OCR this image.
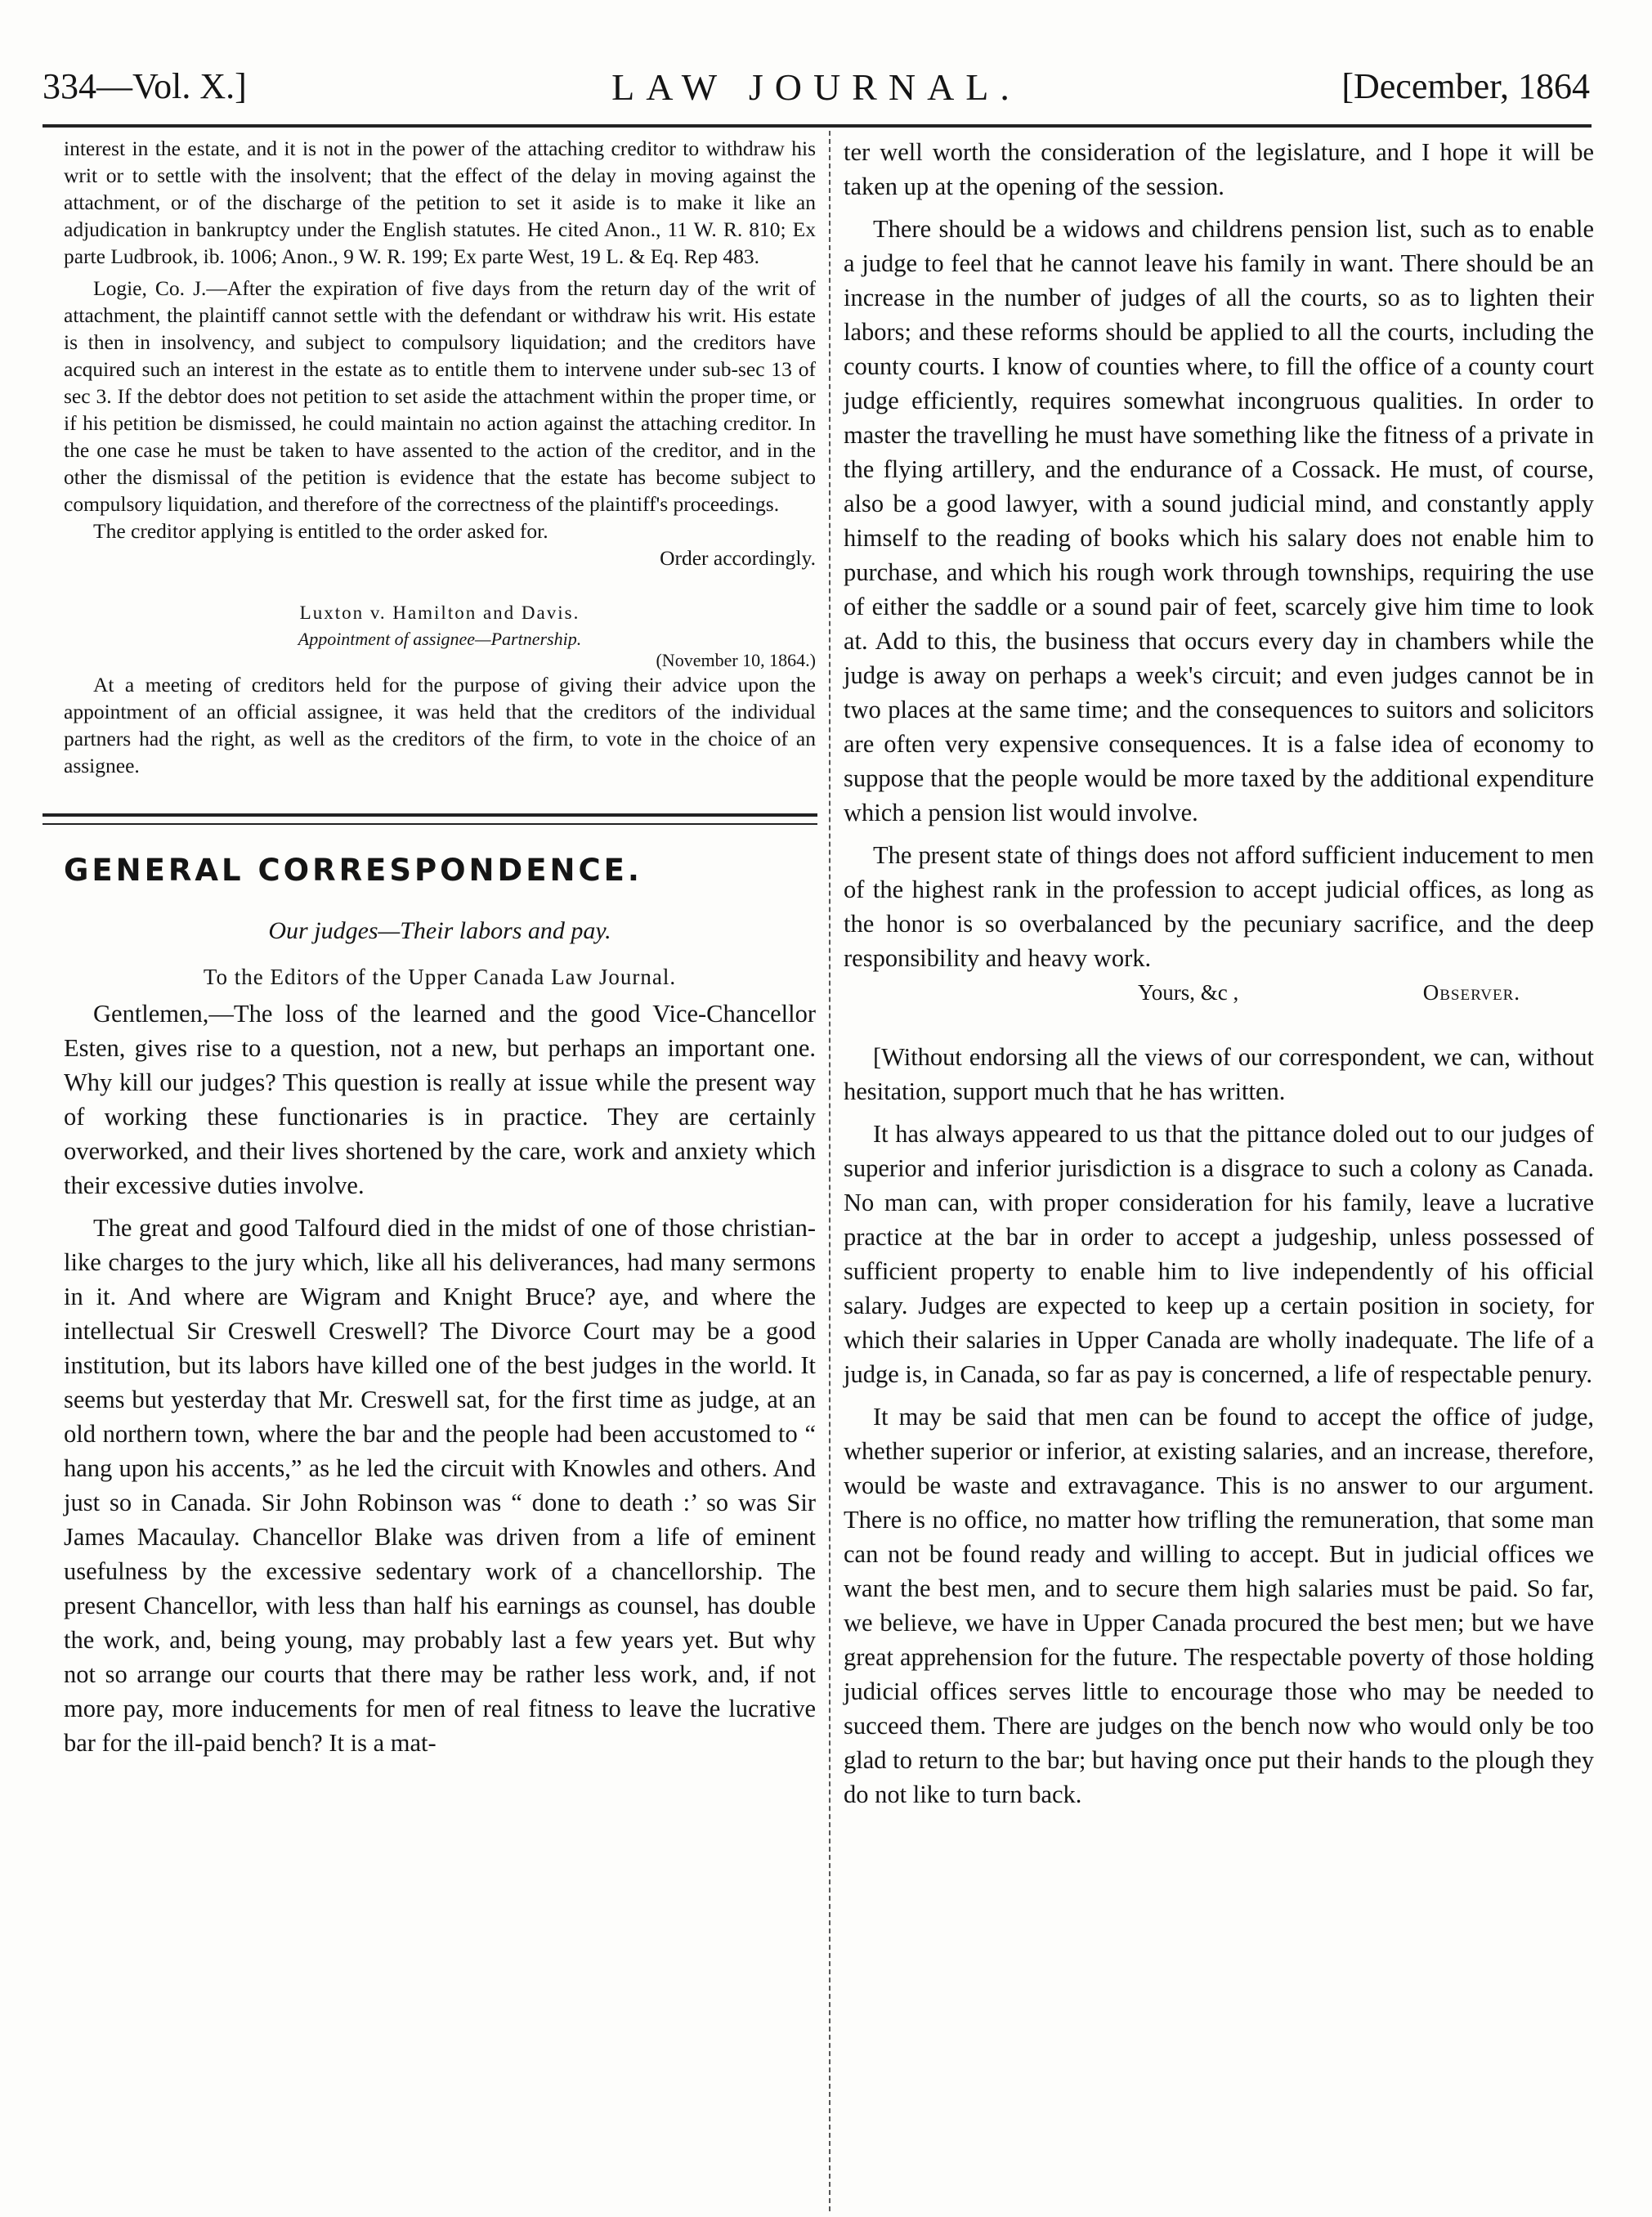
LAW JOURNAL.
334—Vol. X.]	[December, 1864

interest in the estate, and it is not in the power of the attaching creditor to withdraw his writ or to settle with the insolvent; that the effect of the delay in moving against the attachment, or of the discharge of the petition to set it aside is to make it like an adjudication in bankruptcy under the English statutes. He cited Anon., 11 W. R. 810; Ex parte Ludbrook, ib. 1006; Anon., 9 W. R. 199; Ex parte West, 19 L. & Eq. Rep 483.

Logie, Co. J.—After the expiration of five days from the return day of the writ of attachment, the plaintiff cannot settle with the defendant or withdraw his writ. His estate is then in insolvency, and subject to compulsory liquidation; and the creditors have acquired such an interest in the estate as to entitle them to intervene under sub-sec 13 of sec 3. If the debtor does not petition to set aside the attachment within the proper time, or if his petition be dismissed, he could maintain no action against the attaching creditor. In the one case he must be taken to have assented to the action of the creditor, and in the other the dismissal of the petition is evidence that the estate has become subject to compulsory liquidation, and therefore of the correctness of the plaintiff's proceedings.

The creditor applying is entitled to the order asked for.

Order accordingly.

Luxton v. Hamilton and Davis.

Appointment of assignee—Partnership.

(November 10, 1864.)

At a meeting of creditors held for the purpose of giving their advice upon the appointment of an official assignee, it was held that the creditors of the individual partners had the right, as well as the creditors of the firm, to vote in the choice of an assignee.

GENERAL CORRESPONDENCE.

Our judges—Their labors and pay.

To the Editors of the Upper Canada Law Journal.

Gentlemen,—The loss of the learned and the good Vice-Chancellor Esten, gives rise to a question, not a new, but perhaps an important one. Why kill our judges? This question is really at issue while the present way of working these functionaries is in practice. They are certainly overworked, and their lives shortened by the care, work and anxiety which their excessive duties involve.

The great and good Talfourd died in the midst of one of those christian-like charges to the jury which, like all his deliverances, had many sermons in it. And where are Wigram and Knight Bruce? aye, and where the intellectual Sir Creswell Creswell? The Divorce Court may be a good institution, but its labors have killed one of the best judges in the world. It seems but yesterday that Mr. Creswell sat, for the first time as judge, at an old northern town, where the bar and the people had been accustomed to “ hang upon his accents,” as he led the circuit with Knowles and others. And just so in Canada. Sir John Robinson was “ done to death :’ so was Sir James Macaulay. Chancellor Blake was driven from a life of eminent usefulness by the excessive sedentary work of a chancellorship. The present Chancellor, with less than half his earnings as counsel, has double the work, and, being young, may probably last a few years yet. But why not so arrange our courts that there may be rather less work, and, if not more pay, more inducements for men of real fitness to leave the lucrative bar for the ill-paid bench? It is a mat-

ter well worth the consideration of the legislature, and I hope it will be taken up at the opening of the session.

There should be a widows and childrens pension list, such as to enable a judge to feel that he cannot leave his family in want. There should be an increase in the number of judges of all the courts, so as to lighten their labors; and these reforms should be applied to all the courts, including the county courts. I know of counties where, to fill the office of a county court judge efficiently, requires somewhat incongruous qualities. In order to master the travelling he must have something like the fitness of a private in the flying artillery, and the endurance of a Cossack. He must, of course, also be a good lawyer, with a sound judicial mind, and constantly apply himself to the reading of books which his salary does not enable him to purchase, and which his rough work through townships, requiring the use of either the saddle or a sound pair of feet, scarcely give him time to look at. Add to this, the business that occurs every day in chambers while the judge is away on perhaps a week's circuit; and even judges cannot be in two places at the same time; and the consequences to suitors and solicitors are often very expensive consequences. It is a false idea of economy to suppose that the people would be more taxed by the additional expenditure which a pension list would involve.

The present state of things does not afford sufficient inducement to men of the highest rank in the profession to accept judicial offices, as long as the honor is so overbalanced by the pecuniary sacrifice, and the deep responsibility and heavy work.

Yours, &c ,	Observer.

[Without endorsing all the views of our correspondent, we can, without hesitation, support much that he has written.

It has always appeared to us that the pittance doled out to our judges of superior and inferior jurisdiction is a disgrace to such a colony as Canada. No man can, with proper consideration for his family, leave a lucrative practice at the bar in order to accept a judgeship, unless possessed of sufficient property to enable him to live independently of his official salary. Judges are expected to keep up a certain position in society, for which their salaries in Upper Canada are wholly inadequate. The life of a judge is, in Canada, so far as pay is concerned, a life of respectable penury.

It may be said that men can be found to accept the office of judge, whether superior or inferior, at existing salaries, and an increase, therefore, would be waste and extravagance. This is no answer to our argument. There is no office, no matter how trifling the remuneration, that some man can not be found ready and willing to accept. But in judicial offices we want the best men, and to secure them high salaries must be paid. So far, we believe, we have in Upper Canada procured the best men; but we have great apprehension for the future. The respectable poverty of those holding judicial offices serves little to encourage those who may be needed to succeed them. There are judges on the bench now who would only be too glad to return to the bar; but having once put their hands to the plough they do not like to turn back.
